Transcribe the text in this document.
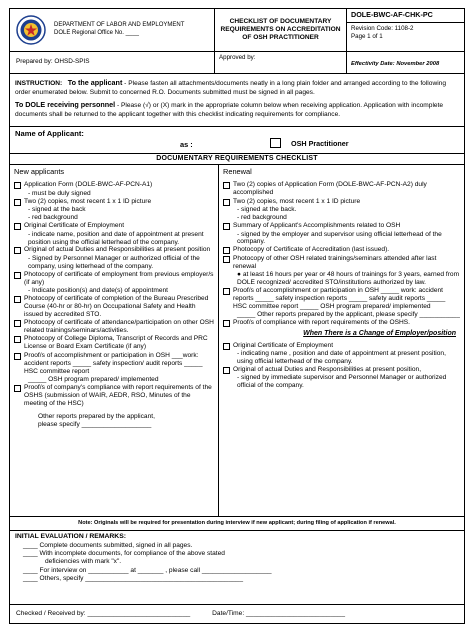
DEPARTMENT OF LABOR AND EMPLOYMENT
DOLE Regional Office No. ____
CHECKLIST OF DOCUMENTARY REQUIREMENTS ON ACCREDITATION OF OSH PRACTITIONER
DOLE-BWC-AF-CHK-PC
Revision Code: 1108-2
Page 1 of 1
Prepared by: OHSD-SPIS
Approved by:
Effectivity Date: November 2008

INSTRUCTION: To the applicant - Please fasten all attachments/documents neatly in a long plain folder and arranged according to the following order enumerated below. Submit to concerned R.O. Documents submitted must be signed in all pages.

To DOLE receiving personnel - Please (√) or (X) mark in the appropriate column below when receiving application. Application with incomplete documents shall be returned to the applicant together with this checklist indicating requirements for compliance.

Name of Applicant:
as :	OSH Practitioner
DOCUMENTARY REQUIREMENTS CHECKLIST
New applicants
Application Form (DOLE-BWC-AF-PCN-A1)
- must be duly signed
Two (2) copies, most recent 1 x 1 ID picture
- signed at the back
- red background
Original Certificate of Employment
- indicate name, position and date of appointment at present position using the official letterhead of the company.
Original of actual Duties and Responsibilities at present position
- Signed by Personnel Manager or authorized official of the company, using letterhead of the company.
Photocopy of certificate of employment from previous employer/s (if any)
- Indicate position(s) and date(s) of appointment
Photocopy of certificate of completion of the Bureau Prescribed Course (40-hr or 80-hr) on Occupational Safety and Health issued by accredited STO.
Photocopy of certificate of attendance/participation on other OSH related trainings/seminars/activities.
Photocopy of College Diploma, Transcript of Records and PRC License or Board Exam Certificate (if any)
Proof/s of accomplishment or participation in OSH ___work: accident reports _____ safety inspection/ audit reports _____ HSC committee report
_____ OSH program prepared/ implemented
Proof/s of company's compliance with report requirements of the OSHS (submission of WAIR, AEDR, RSO, Minutes of the meeting of the HSC)
Other reports prepared by the applicant,
please specify ___________________
Renewal
Two (2) copies of Application Form (DOLE-BWC-AF-PCN-A2) duly accomplished
Two (2) copies, most recent 1 x 1 ID picture
- signed at the back.
- red background
Summary of Applicant's Accomplishments related to OSH
- signed by the employer and supervisor using official letterhead of the company.
Photocopy of Certificate of Accreditation (last issued).
Photocopy of other OSH related trainings/seminars attended after last renewal
● at least 16 hours per year or 48 hours of trainings for 3 years, earned from DOLE recognized/ accredited STO/institutions authorized by law.
Proof/s of accomplishment or participation in OSH _____ work: accident reports _____ safety inspection reports _____ safety audit reports _____ HSC committee report _____ OSH program prepared/ implemented
_____ Other reports prepared by the applicant, please specify ___________
Proof/s of compliance with report requirements of the OSHS.
When There is a Change of Employer/position
Original Certificate of Employment
- indicating name , position and date of appointment at present position, using official letterhead of the company.
Original of actual Duties and Responsibilities at present position,
- signed by immediate supervisor and Personnel Manager or authorized official of the company.
Note: Originals will be required for presentation during interview if new applicant; during filing of application if renewal.
INITIAL EVALUATION / REMARKS:
____ Complete documents submitted, signed in all pages.
____ With incomplete documents, for compliance of the above stated
deficiencies with mark "x".
____ For interview on ___________ at _______ , please call ___________________
____ Others, specify ___________________________________________
Checked / Received by: ____________________________	Date/Time: ___________________________
